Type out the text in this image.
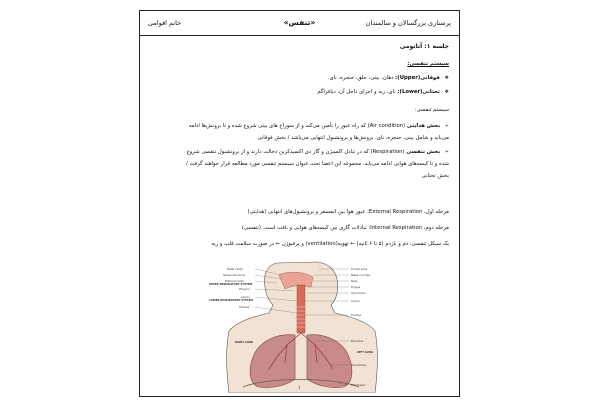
پرستاری بزرگسالان و سالمندان
«تنفس»
خانم اقوامی
جلسه ۱: آناتومی
سیستم تنفسی:
❖ فوقانی(Upper): دهان، بینی، حلق، حنجره، نای.
❖ تحتانی(Lower): نای، ریه و اجزای داخل آن، دیافراگم
سیستم تنفسی:
➢ بخش هدایتی (Air condition) که راه عبور را تأمین می‌کند و از سوراخ های بینی شروع شده و تا برونش‌ها ادامه
می‌یابد و شامل بینی، حنجره، نای، برونش‌ها و برونشیول انتهایی می‌باشد / بخش فوقانی
➢ بخش تنفسی (Respiration) که در تبادل اکسیژن و گاز دی اکسیدکربن دخالت دارند و از برونشیول تنفسی شروع
شده و تا کیسه‌های هوایی ادامه می‌یابد. مجموعه این اعضا تحت عنوان سیستم تنفسی مورد مطالعه قرار خواهند گرفت /
بخش تحتانی
مرحله اول، External Respiration: عبور هوا بین اتمسفر و برونشیول‌های انتهایی (هدایتی)
مرحله دوم، Internal Respiration: تبادلات گازی بین کیسه‌های هوایی و بافت است. (تنفسی)
یک سیکل تنفسی: دم و بازدم (۵ تا ۶ ثانیه) ← تهویه(ventilation) و پرفیوژن ← در صورت سلامت قلب و ریه
Nasal cavity
Sphenoidal sinus
External nares
Pharynx
Larynx
Trachea
UPPER RESPIRATORY SYSTEM
LOWER RESPIRATORY SYSTEM
RIGHT LUNG
Frontal sinus
Nasal conchae
Nose
Tongue
Hyoid bone
Larynx
Trachea
Bronchus
LEFT LUNG
Bronchioles
Diaphragm
۱
